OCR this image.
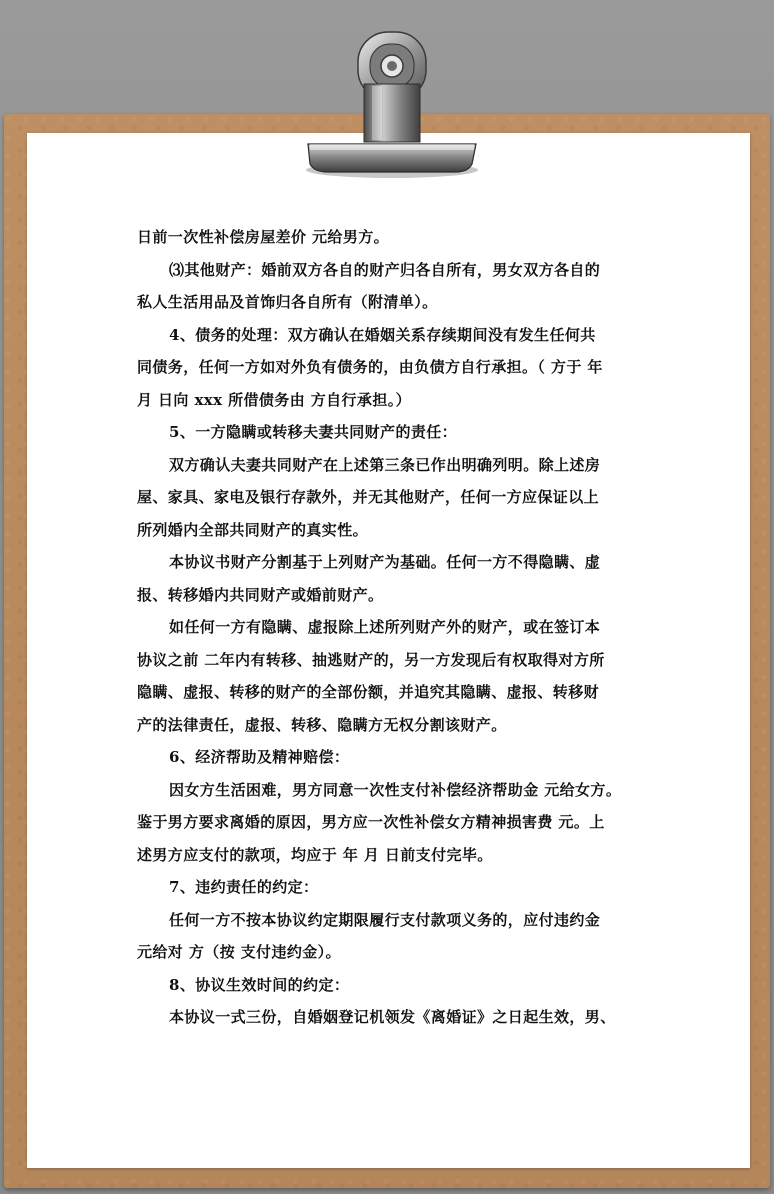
日前一次性补偿房屋差价 元给男方。
⑶其他财产：婚前双方各自的财产归各自所有，男女双方各自的
私人生活用品及首饰归各自所有（附清单）。
4、债务的处理：双方确认在婚姻关系存续期间没有发生任何共
同债务，任何一方如对外负有债务的，由负债方自行承担。（ 方于 年
月 日向 xxx 所借债务由 方自行承担。）
5、一方隐瞒或转移夫妻共同财产的责任：
双方确认夫妻共同财产在上述第三条已作出明确列明。除上述房
屋、家具、家电及银行存款外，并无其他财产，任何一方应保证以上
所列婚内全部共同财产的真实性。
本协议书财产分割基于上列财产为基础。任何一方不得隐瞒、虚
报、转移婚内共同财产或婚前财产。
如任何一方有隐瞒、虚报除上述所列财产外的财产，或在签订本
协议之前 二年内有转移、抽逃财产的，另一方发现后有权取得对方所
隐瞒、虚报、转移的财产的全部份额，并追究其隐瞒、虚报、转移财
产的法律责任，虚报、转移、隐瞒方无权分割该财产。
6、经济帮助及精神赔偿：
因女方生活困难，男方同意一次性支付补偿经济帮助金 元给女方。
鉴于男方要求离婚的原因，男方应一次性补偿女方精神损害费 元。上
述男方应支付的款项，均应于 年 月 日前支付完毕。
7、违约责任的约定：
任何一方不按本协议约定期限履行支付款项义务的，应付违约金
元给对 方（按 支付违约金）。
8、协议生效时间的约定：
本协议一式三份，自婚姻登记机领发《离婚证》之日起生效，男、
